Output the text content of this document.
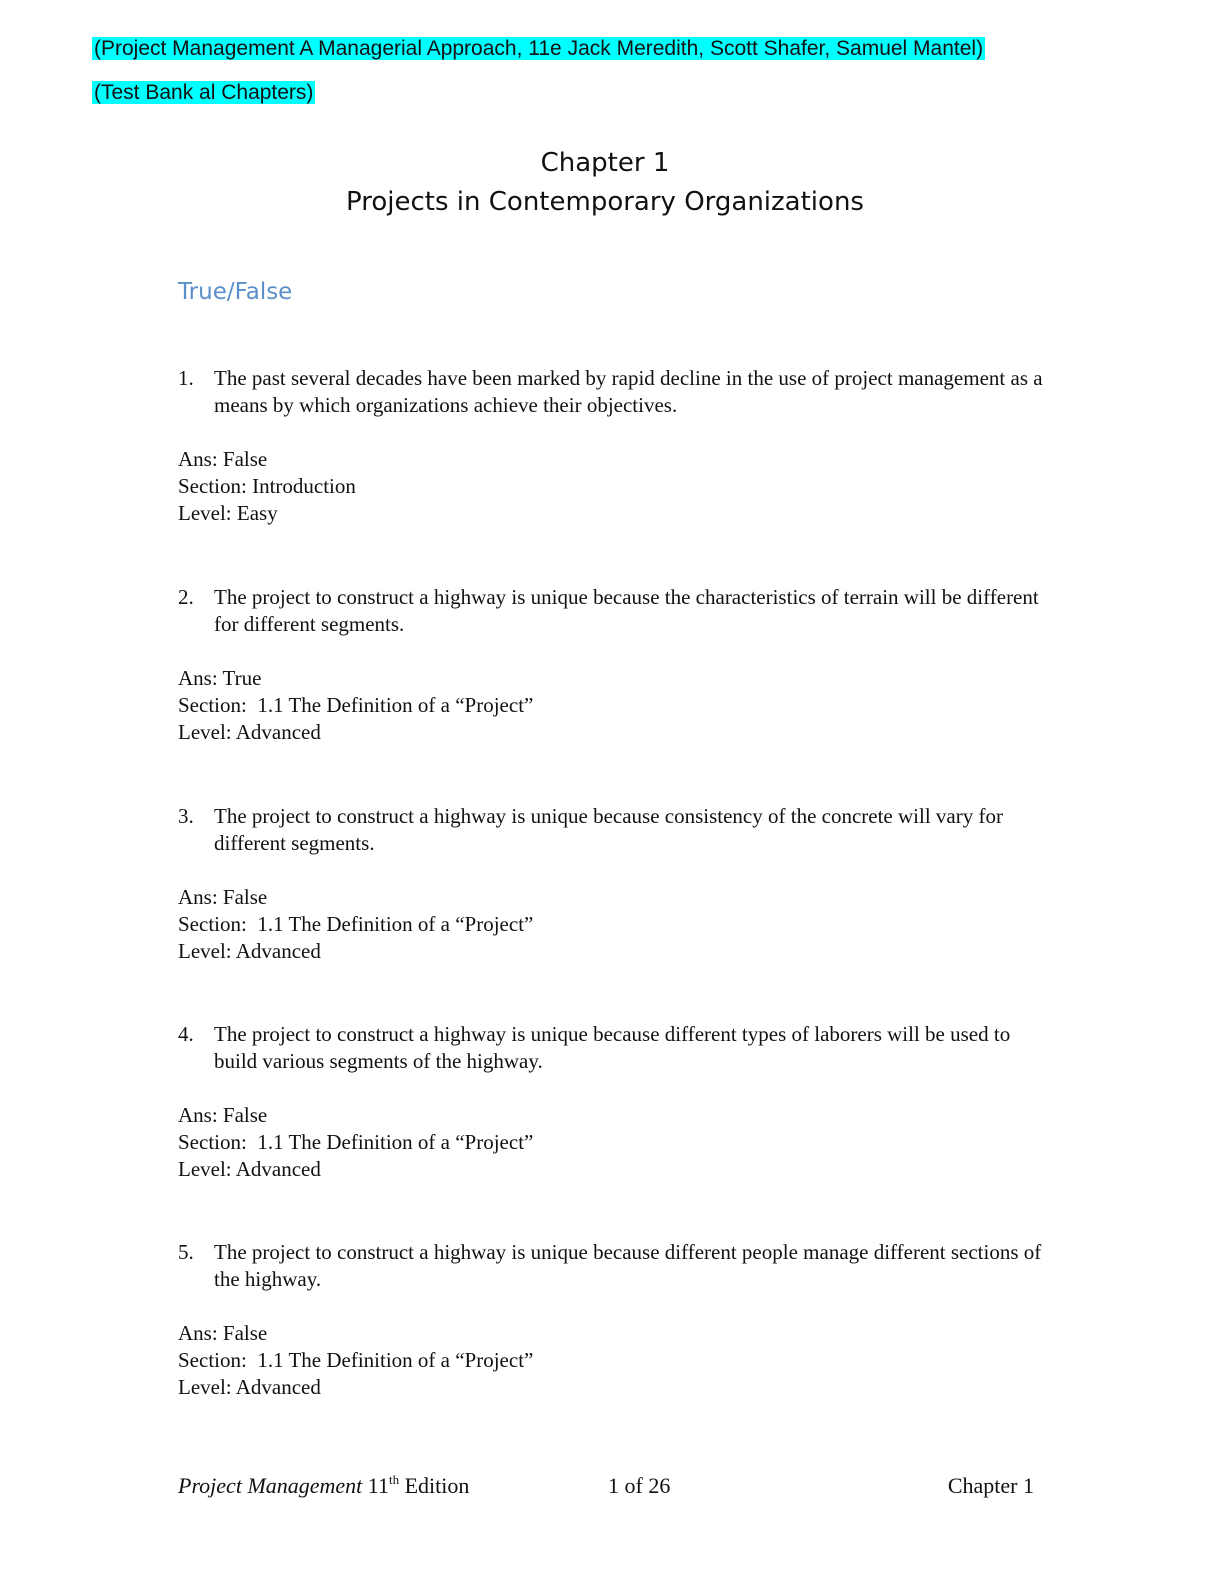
(Project Management A Managerial Approach, 11e Jack Meredith, Scott Shafer, Samuel Mantel)
(Test Bank al Chapters)
Chapter 1
Projects in Contemporary Organizations
True/False
1. The past several decades have been marked by rapid decline in the use of project management as a means by which organizations achieve their objectives.
Ans: False
Section: Introduction
Level: Easy
2. The project to construct a highway is unique because the characteristics of terrain will be different for different segments.
Ans: True
Section:  1.1 The Definition of a “Project”
Level: Advanced
3. The project to construct a highway is unique because consistency of the concrete will vary for different segments.
Ans: False
Section:  1.1 The Definition of a “Project”
Level: Advanced
4. The project to construct a highway is unique because different types of laborers will be used to build various segments of the highway.
Ans: False
Section:  1.1 The Definition of a “Project”
Level: Advanced
5. The project to construct a highway is unique because different people manage different sections of the highway.
Ans: False
Section:  1.1 The Definition of a “Project”
Level: Advanced
Project Management 11th Edition	1 of 26	Chapter 1
